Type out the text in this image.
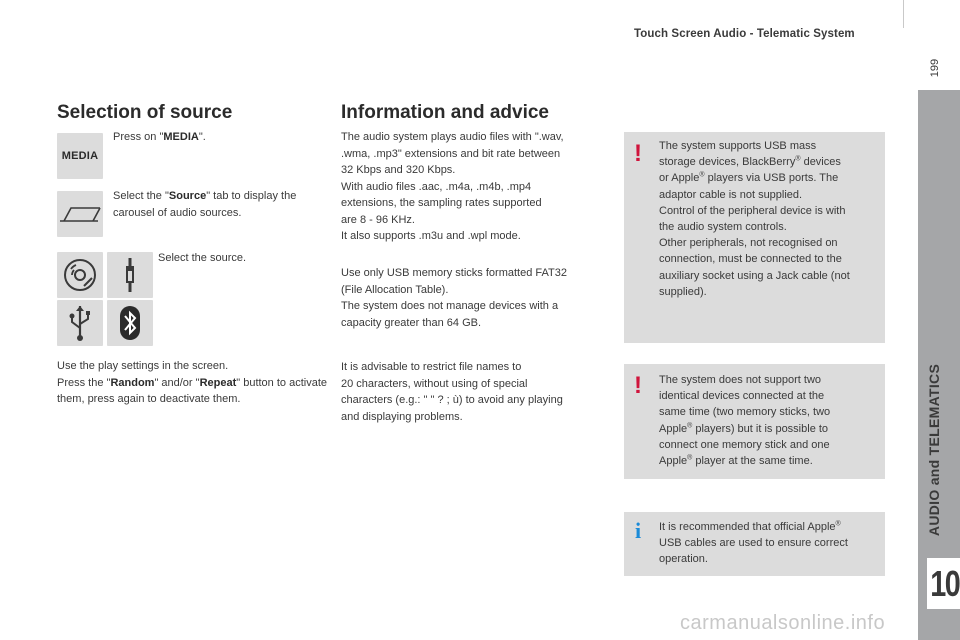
Touch Screen Audio - Telematic System
199
AUDIO and TELEMATICS
10
Selection of source
MEDIA
Press on "MEDIA".
Select the "Source" tab to display the carousel of audio sources.
Select the source.
Use the play settings in the screen.
Press the "Random" and/or "Repeat" button to activate them, press again to deactivate them.
Information and advice
The audio system plays audio files with ".wav,
.wma, .mp3" extensions and bit rate between
32 Kbps and 320 Kbps.
With audio files .aac, .m4a, .m4b, .mp4
extensions, the sampling rates supported
are 8 - 96 KHz.
It also supports .m3u and .wpl mode.
Use only USB memory sticks formatted FAT32
(File Allocation Table).
The system does not manage devices with a
capacity greater than 64 GB.
It is advisable to restrict file names to
20 characters, without using of special
characters (e.g.: " " ? ; ù) to avoid any playing
and displaying problems.
! The system supports USB mass
storage devices, BlackBerry® devices
or Apple® players via USB ports. The
adaptor cable is not supplied.
Control of the peripheral device is with
the audio system controls.
Other peripherals, not recognised on
connection, must be connected to the
auxiliary socket using a Jack cable (not
supplied).
! The system does not support two
identical devices connected at the
same time (two memory sticks, two
Apple® players) but it is possible to
connect one memory stick and one
Apple® player at the same time.
i It is recommended that official Apple®
USB cables are used to ensure correct
operation.
carmanualsonline.info
